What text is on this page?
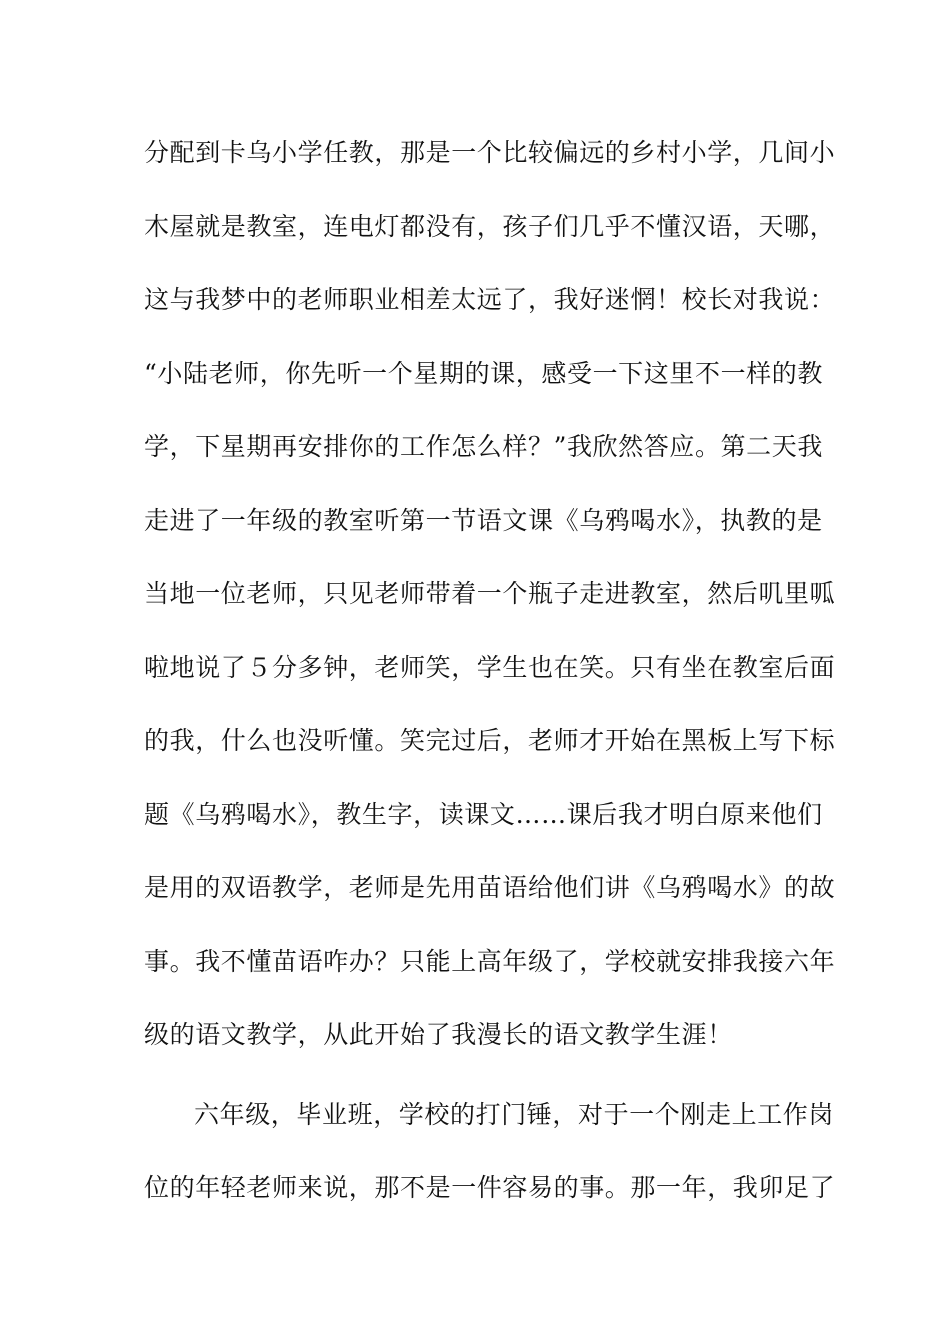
分配到卡乌小学任教，那是一个比较偏远的乡村小学，几间小
木屋就是教室，连电灯都没有，孩子们几乎不懂汉语，天哪，
这与我梦中的老师职业相差太远了，我好迷惘！校长对我说：
“小陆老师，你先听一个星期的课，感受一下这里不一样的教
学，下星期再安排你的工作怎么样？”我欣然答应。第二天我
走进了一年级的教室听第一节语文课《乌鸦喝水》，执教的是
当地一位老师，只见老师带着一个瓶子走进教室，然后叽里呱
啦地说了５分多钟，老师笑，学生也在笑。只有坐在教室后面
的我，什么也没听懂。笑完过后，老师才开始在黑板上写下标
题《乌鸦喝水》，教生字，读课文……课后我才明白原来他们
是用的双语教学，老师是先用苗语给他们讲《乌鸦喝水》的故
事。我不懂苗语咋办？只能上高年级了，学校就安排我接六年
级的语文教学，从此开始了我漫长的语文教学生涯！
六年级，毕业班，学校的打门锤，对于一个刚走上工作岗
位的年轻老师来说，那不是一件容易的事。那一年，我卯足了
